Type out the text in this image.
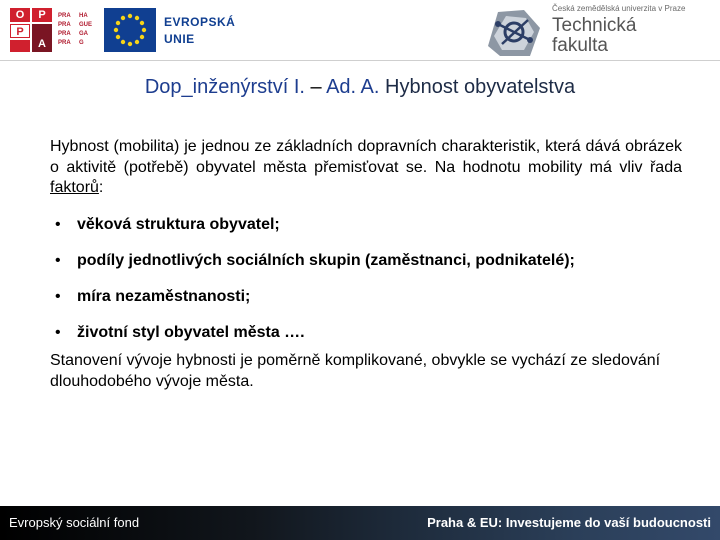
O	P
P
A
PRA	HA
PRA	GUE
PRA	GA
PRA	G
EVROPSKÁ
UNIE
Česká zemědělská univerzita v Praze
Technická
fakulta
Dop_inženýrství I. – Ad. A. Hybnost obyvatelstva
Hybnost (mobilita) je jednou ze základních dopravních charakteristik, která dává obrázek o aktivitě (potřebě) obyvatel města přemisťovat se. Na hodnotu mobility má vliv řada faktorů:
• věková struktura obyvatel;
• podíly jednotlivých sociálních skupin (zaměstnanci, podnikatelé);
• míra nezaměstnanosti;
• životní styl obyvatel města ….
Stanovení vývoje hybnosti je poměrně komplikované, obvykle se vychází ze sledování dlouhodobého vývoje města.
Evropský sociální fond	Praha & EU: Investujeme do vaší budoucnosti
